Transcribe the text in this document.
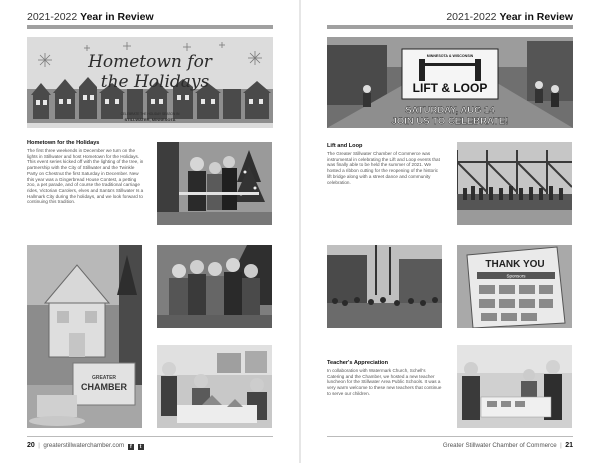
2021-2022 Year in Review
Hometown for
the Holidays
CELEBRATE THE HOLIDAY SEASON IN
STILLWATER, MINNESOTA
Hometown for the Holidays
The first three weekends in December we turn on the lights in Stillwater and host Hometown for the Holidays. This event series kicked off with the lighting of the tree, in partnership with the City of Stillwater and the Twinkle Party on Chestnut the first Saturday in December. New this year was a Gingerbread House Contest, a petting zoo, a pet parade, and of course the traditional carriage rides, Victorian Carolers, elves and Santa's Stillwater Is a Hallmark City during the holidays, and we look forward to continuing this tradition.
GREATER
CHAMBER
20  |  greaterstillwaterchamber.com f t
2021-2022 Year in Review
MINNESOTA & WISCONSIN
LIFT & LOOP
SATURDAY, AUG 14
JOIN US TO CELEBRATE!
Lift and Loop
The Greater Stillwater Chamber of Commerce was instrumental in celebrating the Lift and Loop events that was finally able to be held the summer of 2021. We hosted a ribbon cutting for the reopening of the historic lift bridge along with a street dance and community celebration.
THANK YOU
Sponsors
Teacher's Appreciation
In collaboration with Watermark Church, Schell's Catering and the Chamber, we hosted a new teacher luncheon for the Stillwater Area Public Schools. It was a very warm welcome to these new teachers that continue to serve our children.
Greater Stillwater Chamber of Commerce | 21
